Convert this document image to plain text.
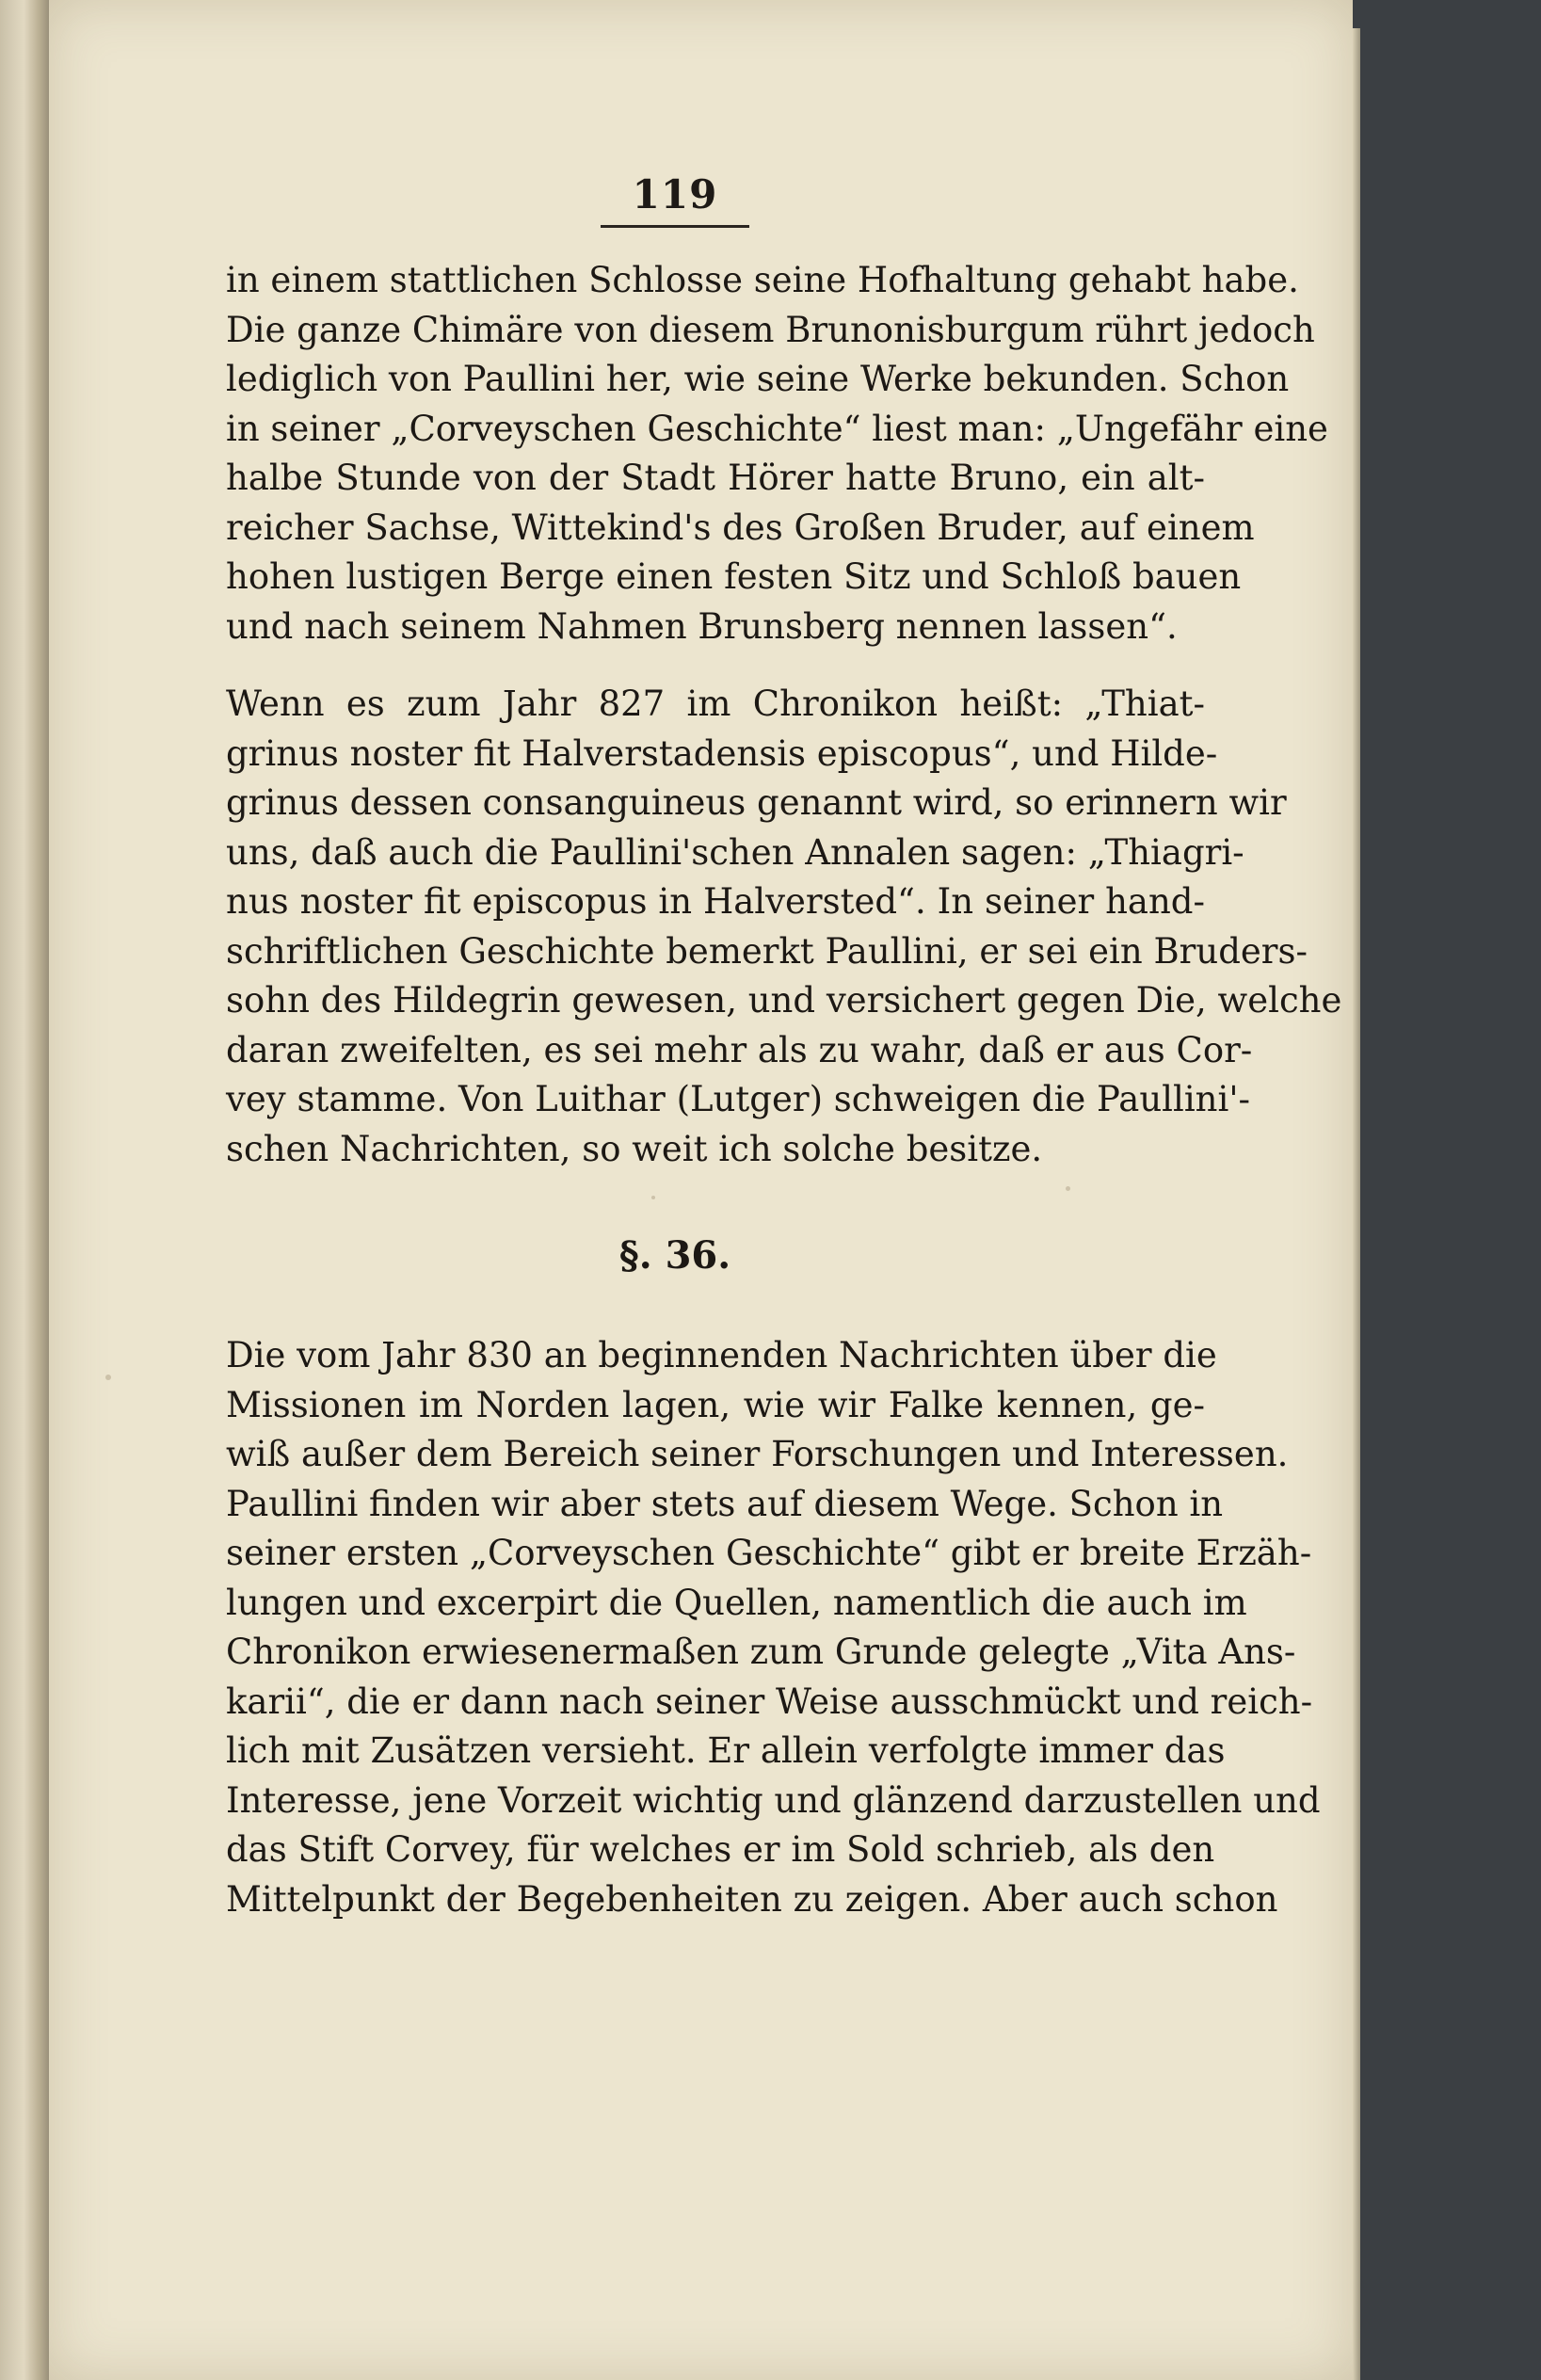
119
in einem stattlichen Schlosse seine Hofhaltung gehabt habe.
Die ganze Chimäre von diesem Brunonisburgum rührt jedoch
lediglich von Paullini her, wie seine Werke bekunden. Schon
in seiner „Corveyschen Geschichte“ liest man: „Ungefähr eine
halbe Stunde von der Stadt Hörer hatte Bruno, ein alt-
reicher Sachse, Wittekind's des Großen Bruder, auf einem
hohen lustigen Berge einen festen Sitz und Schloß bauen
und nach seinem Nahmen Brunsberg nennen lassen“.
Wenn es zum Jahr 827 im Chronikon heißt: „Thiat-
grinus noster fit Halverstadensis episcopus“, und Hilde-
grinus dessen consanguineus genannt wird, so erinnern wir
uns, daß auch die Paullini'schen Annalen sagen: „Thiagri-
nus noster fit episcopus in Halversted“. In seiner hand-
schriftlichen Geschichte bemerkt Paullini, er sei ein Bruders-
sohn des Hildegrin gewesen, und versichert gegen Die, welche
daran zweifelten, es sei mehr als zu wahr, daß er aus Cor-
vey stamme. Von Luithar (Lutger) schweigen die Paullini'-
schen Nachrichten, so weit ich solche besitze.
§. 36.
Die vom Jahr 830 an beginnenden Nachrichten über die
Missionen im Norden lagen, wie wir Falke kennen, ge-
wiß außer dem Bereich seiner Forschungen und Interessen.
Paullini finden wir aber stets auf diesem Wege. Schon in
seiner ersten „Corveyschen Geschichte“ gibt er breite Erzäh-
lungen und excerpirt die Quellen, namentlich die auch im
Chronikon erwiesenermaßen zum Grunde gelegte „Vita Ans-
karii“, die er dann nach seiner Weise ausschmückt und reich-
lich mit Zusätzen versieht. Er allein verfolgte immer das
Interesse, jene Vorzeit wichtig und glänzend darzustellen und
das Stift Corvey, für welches er im Sold schrieb, als den
Mittelpunkt der Begebenheiten zu zeigen. Aber auch schon
